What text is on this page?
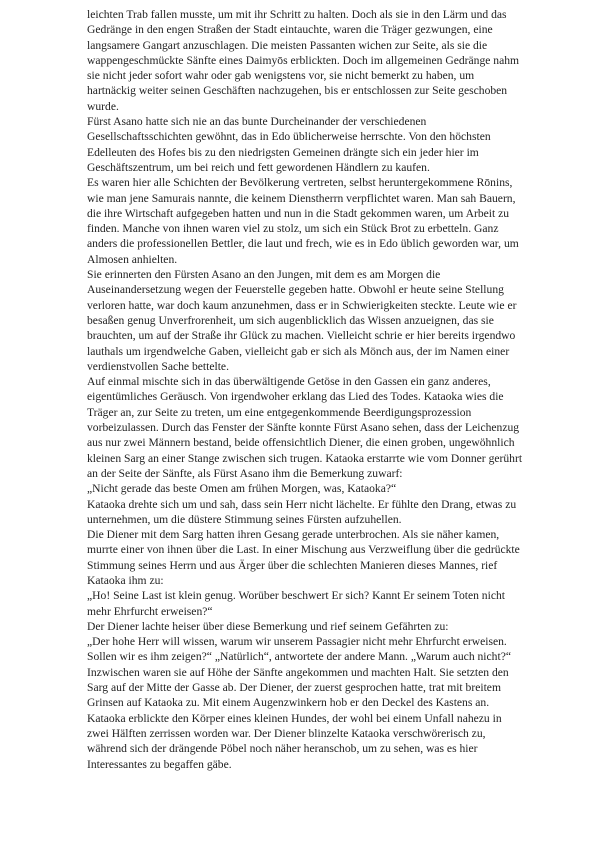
leichten Trab fallen musste, um mit ihr Schritt zu halten. Doch als sie in den Lärm und das Gedränge in den engen Straßen der Stadt eintauchte, waren die Träger gezwungen, eine langsamere Gangart anzuschlagen. Die meisten Passanten wichen zur Seite, als sie die wappengeschmückte Sänfte eines Daimyōs erblickten. Doch im allgemeinen Gedränge nahm sie nicht jeder sofort wahr oder gab wenigstens vor, sie nicht bemerkt zu haben, um hartnäckig weiter seinen Geschäften nachzugehen, bis er entschlossen zur Seite geschoben wurde.

Fürst Asano hatte sich nie an das bunte Durcheinander der verschiedenen Gesellschaftsschichten gewöhnt, das in Edo üblicherweise herrschte. Von den höchsten Edelleuten des Hofes bis zu den niedrigsten Gemeinen drängte sich ein jeder hier im Geschäftszentrum, um bei reich und fett gewordenen Händlern zu kaufen.

Es waren hier alle Schichten der Bevölkerung vertreten, selbst heruntergekommene Rōnins, wie man jene Samurais nannte, die keinem Dienstherrn verpflichtet waren. Man sah Bauern, die ihre Wirtschaft aufgegeben hatten und nun in die Stadt gekommen waren, um Arbeit zu finden. Manche von ihnen waren viel zu stolz, um sich ein Stück Brot zu erbetteln. Ganz anders die professionellen Bettler, die laut und frech, wie es in Edo üblich geworden war, um Almosen anhielten.

Sie erinnerten den Fürsten Asano an den Jungen, mit dem es am Morgen die Auseinandersetzung wegen der Feuerstelle gegeben hatte. Obwohl er heute seine Stellung verloren hatte, war doch kaum anzunehmen, dass er in Schwierigkeiten steckte. Leute wie er besaßen genug Unverfrorenheit, um sich augenblicklich das Wissen anzueignen, das sie brauchten, um auf der Straße ihr Glück zu machen. Vielleicht schrie er hier bereits irgendwo lauthals um irgendwelche Gaben, vielleicht gab er sich als Mönch aus, der im Namen einer verdienstvollen Sache bettelte.

Auf einmal mischte sich in das überwältigende Getöse in den Gassen ein ganz anderes, eigentümliches Geräusch. Von irgendwoher erklang das Lied des Todes. Kataoka wies die Träger an, zur Seite zu treten, um eine entgegenkommende Beerdigungsprozession vorbeizulassen. Durch das Fenster der Sänfte konnte Fürst Asano sehen, dass der Leichenzug aus nur zwei Männern bestand, beide offensichtlich Diener, die einen groben, ungewöhnlich kleinen Sarg an einer Stange zwischen sich trugen. Kataoka erstarrte wie vom Donner gerührt an der Seite der Sänfte, als Fürst Asano ihm die Bemerkung zuwarf:

„Nicht gerade das beste Omen am frühen Morgen, was, Kataoka?“

Kataoka drehte sich um und sah, dass sein Herr nicht lächelte. Er fühlte den Drang, etwas zu unternehmen, um die düstere Stimmung seines Fürsten aufzuhellen.

Die Diener mit dem Sarg hatten ihren Gesang gerade unterbrochen. Als sie näher kamen, murrte einer von ihnen über die Last. In einer Mischung aus Verzweiflung über die gedrückte Stimmung seines Herrn und aus Ärger über die schlechten Manieren dieses Mannes, rief Kataoka ihm zu:

„Ho! Seine Last ist klein genug. Worüber beschwert Er sich? Kannt Er seinem Toten nicht mehr Ehrfurcht erweisen?“

Der Diener lachte heiser über diese Bemerkung und rief seinem Gefährten zu:

„Der hohe Herr will wissen, warum wir unserem Passagier nicht mehr Ehrfurcht erweisen. Sollen wir es ihm zeigen?“ „Natürlich“, antwortete der andere Mann. „Warum auch nicht?“

Inzwischen waren sie auf Höhe der Sänfte angekommen und machten Halt. Sie setzten den Sarg auf der Mitte der Gasse ab. Der Diener, der zuerst gesprochen hatte, trat mit breitem Grinsen auf Kataoka zu. Mit einem Augenzwinkern hob er den Deckel des Kastens an.

Kataoka erblickte den Körper eines kleinen Hundes, der wohl bei einem Unfall nahezu in zwei Hälften zerrissen worden war. Der Diener blinzelte Kataoka verschwörerisch zu, während sich der drängende Pöbel noch näher heranschob, um zu sehen, was es hier Interessantes zu begaffen gäbe.
